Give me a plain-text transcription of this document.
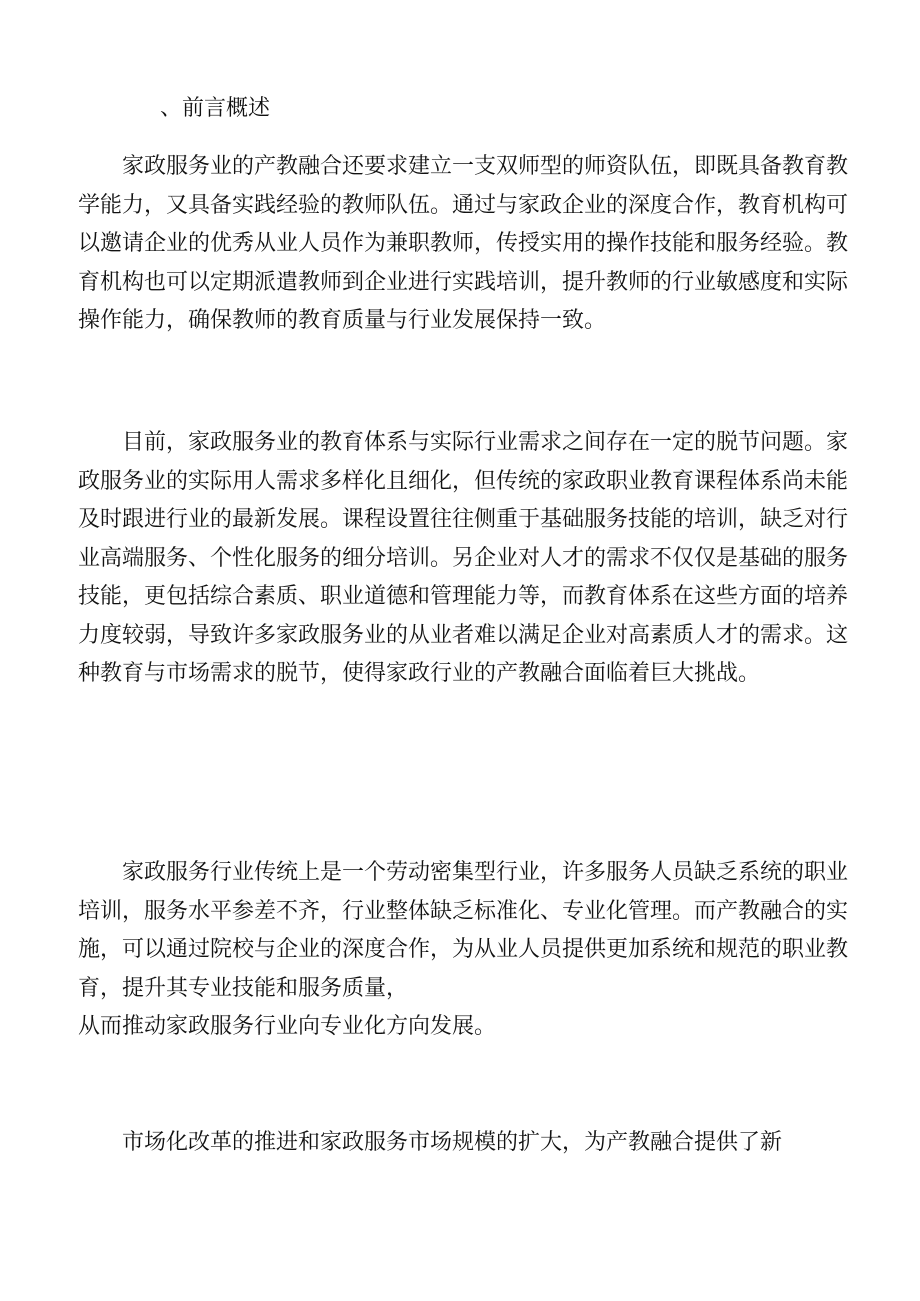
、前言概述

家政服务业的产教融合还要求建立一支双师型的师资队伍，即既具备教育教学能力，又具备实践经验的教师队伍。通过与家政企业的深度合作，教育机构可以邀请企业的优秀从业人员作为兼职教师，传授实用的操作技能和服务经验。教育机构也可以定期派遣教师到企业进行实践培训，提升教师的行业敏感度和实际操作能力，确保教师的教育质量与行业发展保持一致。

目前，家政服务业的教育体系与实际行业需求之间存在一定的脱节问题。家政服务业的实际用人需求多样化且细化，但传统的家政职业教育课程体系尚未能及时跟进行业的最新发展。课程设置往往侧重于基础服务技能的培训，缺乏对行业高端服务、个性化服务的细分培训。另企业对人才的需求不仅仅是基础的服务技能，更包括综合素质、职业道德和管理能力等，而教育体系在这些方面的培养力度较弱，导致许多家政服务业的从业者难以满足企业对高素质人才的需求。这种教育与市场需求的脱节，使得家政行业的产教融合面临着巨大挑战。

家政服务行业传统上是一个劳动密集型行业，许多服务人员缺乏系统的职业培训，服务水平参差不齐，行业整体缺乏标准化、专业化管理。而产教融合的实施，可以通过院校与企业的深度合作，为从业人员提供更加系统和规范的职业教育，提升其专业技能和服务质量，
从而推动家政服务行业向专业化方向发展。

市场化改革的推进和家政服务市场规模的扩大，为产教融合提供了新
